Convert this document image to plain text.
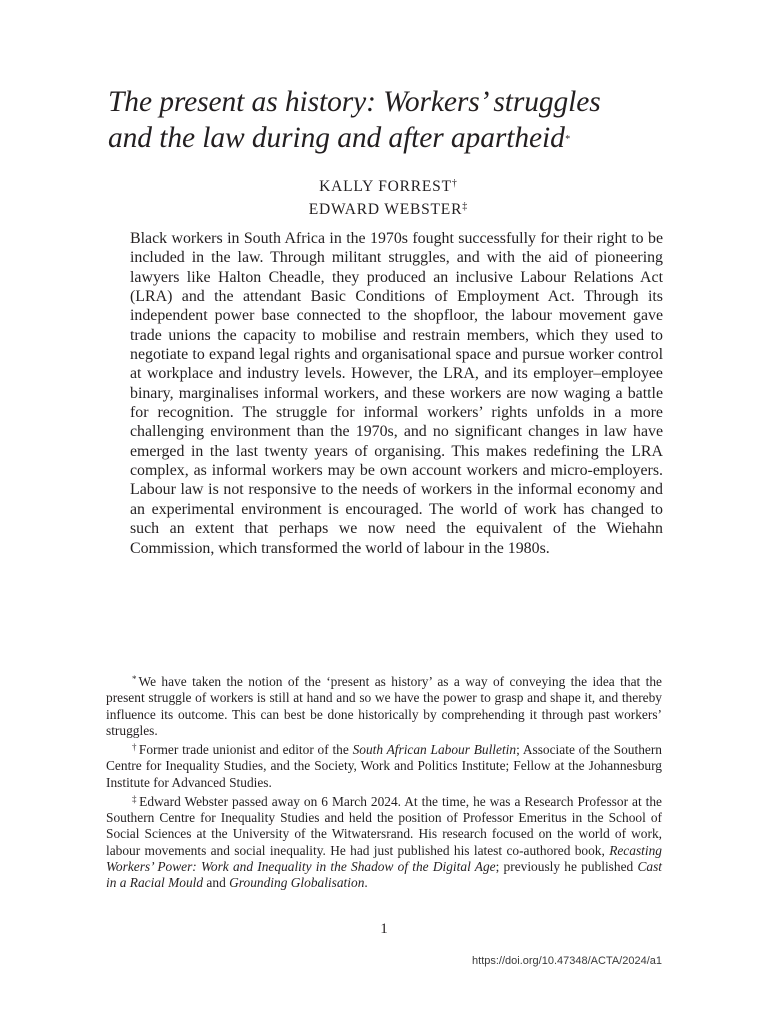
The present as history: Workers’ struggles
and the law during and after apartheid*
KALLY FORREST†
EDWARD WEBSTER‡

Black workers in South Africa in the 1970s fought successfully for their right to be included in the law. Through militant struggles, and with the aid of pioneering lawyers like Halton Cheadle, they produced an inclusive Labour Relations Act (LRA) and the attendant Basic Conditions of Employment Act. Through its independent power base connected to the shopfloor, the labour movement gave trade unions the capacity to mobilise and restrain members, which they used to negotiate to expand legal rights and organisational space and pursue worker control at workplace and industry levels. However, the LRA, and its employer–employee binary, marginalises informal workers, and these workers are now waging a battle for recognition. The struggle for informal workers’ rights unfolds in a more challenging environment than the 1970s, and no significant changes in law have emerged in the last twenty years of organising. This makes redefining the LRA complex, as informal workers may be own account workers and micro-employers. Labour law is not responsive to the needs of workers in the informal economy and an experimental environment is encouraged. The world of work has changed to such an extent that perhaps we now need the equivalent of the Wiehahn Commission, which transformed the world of labour in the 1980s.

* We have taken the notion of the ‘present as history’ as a way of conveying the idea that the present struggle of workers is still at hand and so we have the power to grasp and shape it, and thereby influence its outcome. This can best be done historically by comprehending it through past workers’ struggles.

† Former trade unionist and editor of the South African Labour Bulletin; Associate of the Southern Centre for Inequality Studies, and the Society, Work and Politics Institute; Fellow at the Johannesburg Institute for Advanced Studies.

‡ Edward Webster passed away on 6 March 2024. At the time, he was a Research Professor at the Southern Centre for Inequality Studies and held the position of Professor Emeritus in the School of Social Sciences at the University of the Witwatersrand. His research focused on the world of work, labour movements and social inequality. He had just published his latest co-authored book, Recasting Workers’ Power: Work and Inequality in the Shadow of the Digital Age; previously he published Cast in a Racial Mould and Grounding Globalisation.

1
https://doi.org/10.47348/ACTA/2024/a1
